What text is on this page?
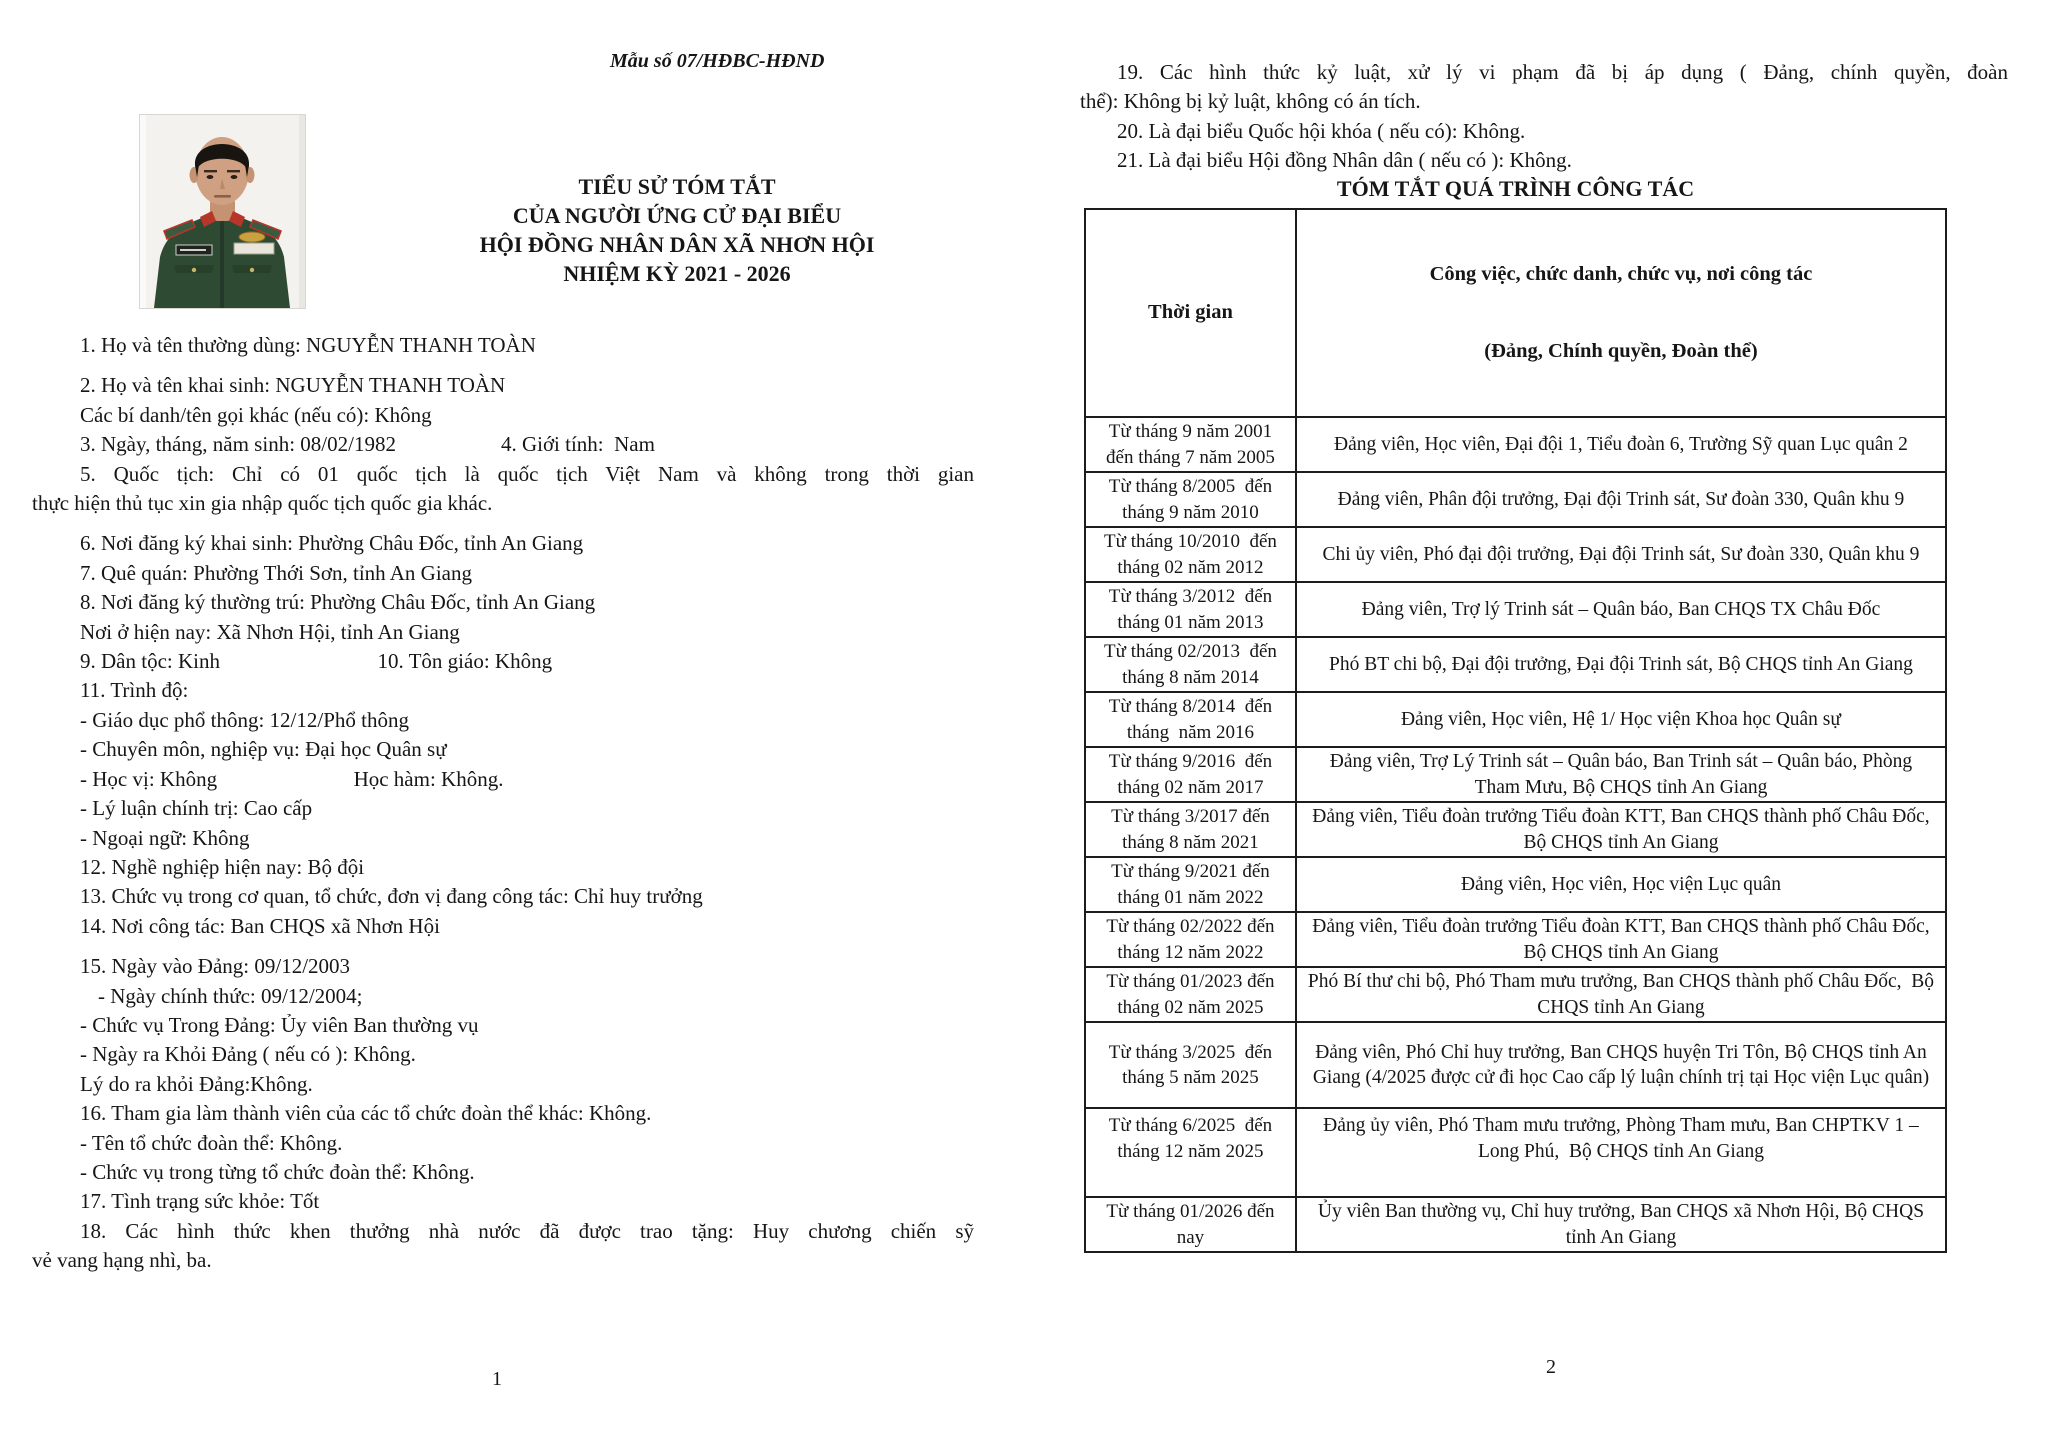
Mẫu số 07/HĐBC-HĐND
TIỂU SỬ TÓM TẮT
CỦA NGƯỜI ỨNG CỬ ĐẠI BIỂU
HỘI ĐỒNG NHÂN DÂN XÃ NHƠN HỘI
NHIỆM KỲ 2021 - 2026
1. Họ và tên thường dùng: NGUYỄN THANH TOÀN
2. Họ và tên khai sinh: NGUYỄN THANH TOÀN
Các bí danh/tên gọi khác (nếu có): Không
3. Ngày, tháng, năm sinh: 08/02/1982                    4. Giới tính:  Nam
5. Quốc tịch: Chỉ có 01 quốc tịch là quốc tịch Việt Nam và không trong thời gian
thực hiện thủ tục xin gia nhập quốc tịch quốc gia khác.
6. Nơi đăng ký khai sinh: Phường Châu Đốc, tỉnh An Giang
7. Quê quán: Phường Thới Sơn, tỉnh An Giang
8. Nơi đăng ký thường trú: Phường Châu Đốc, tỉnh An Giang
Nơi ở hiện nay: Xã Nhơn Hội, tỉnh An Giang
9. Dân tộc: Kinh                              10. Tôn giáo: Không
11. Trình độ:
- Giáo dục phổ thông: 12/12/Phổ thông
- Chuyên môn, nghiệp vụ: Đại học Quân sự
- Học vị: Không                          Học hàm: Không.
- Lý luận chính trị: Cao cấp
- Ngoại ngữ: Không
12. Nghề nghiệp hiện nay: Bộ đội
13. Chức vụ trong cơ quan, tổ chức, đơn vị đang công tác: Chỉ huy trưởng
14. Nơi công tác: Ban CHQS xã Nhơn Hội
15. Ngày vào Đảng: 09/12/2003
- Ngày chính thức: 09/12/2004;
- Chức vụ Trong Đảng: Ủy viên Ban thường vụ
- Ngày ra Khỏi Đảng ( nếu có ): Không.
Lý do ra khỏi Đảng:Không.
16. Tham gia làm thành viên của các tổ chức đoàn thể khác: Không.
- Tên tổ chức đoàn thể: Không.
- Chức vụ trong từng tổ chức đoàn thể: Không.
17. Tình trạng sức khỏe: Tốt
18. Các hình thức khen thưởng nhà nước đã được trao tặng: Huy chương chiến sỹ
vẻ vang hạng nhì, ba.
1
19. Các hình thức kỷ luật, xử lý vi phạm đã bị áp dụng ( Đảng, chính quyền, đoàn
thể): Không bị kỷ luật, không có án tích.
20. Là đại biểu Quốc hội khóa ( nếu có): Không.
21. Là đại biểu Hội đồng Nhân dân ( nếu có ): Không.
TÓM TẮT QUÁ TRÌNH CÔNG TÁC
Thời gian	Công việc, chức danh, chức vụ, nơi công tác

(Đảng, Chính quyền, Đoàn thể)

Từ tháng 9 năm 2001 đến tháng 7 năm 2005	Đảng viên, Học viên, Đại đội 1, Tiểu đoàn 6, Trường Sỹ quan Lục quân 2
Từ tháng 8/2005  đến tháng 9 năm 2010	Đảng viên, Phân đội trưởng, Đại đội Trinh sát, Sư đoàn 330, Quân khu 9
Từ tháng 10/2010  đến tháng 02 năm 2012	Chi ủy viên, Phó đại đội trưởng, Đại đội Trinh sát, Sư đoàn 330, Quân khu 9
Từ tháng 3/2012  đến tháng 01 năm 2013	Đảng viên, Trợ lý Trinh sát – Quân báo, Ban CHQS TX Châu Đốc
Từ tháng 02/2013  đến tháng 8 năm 2014	Phó BT chi bộ, Đại đội trưởng, Đại đội Trinh sát, Bộ CHQS tỉnh An Giang
Từ tháng 8/2014  đến tháng  năm 2016	Đảng viên, Học viên, Hệ 1/ Học viện Khoa học Quân sự
Từ tháng 9/2016  đến tháng 02 năm 2017	Đảng viên, Trợ Lý Trinh sát – Quân báo, Ban Trinh sát – Quân báo, Phòng Tham Mưu, Bộ CHQS tỉnh An Giang
Từ tháng 3/2017 đến tháng 8 năm 2021	Đảng viên, Tiểu đoàn trưởng Tiểu đoàn KTT, Ban CHQS thành phố Châu Đốc,  Bộ CHQS tỉnh An Giang
Từ tháng 9/2021 đến tháng 01 năm 2022	Đảng viên, Học viên, Học viện Lục quân
Từ tháng 02/2022 đến tháng 12 năm 2022	Đảng viên, Tiểu đoàn trưởng Tiểu đoàn KTT, Ban CHQS thành phố Châu Đốc,  Bộ CHQS tỉnh An Giang
Từ tháng 01/2023 đến tháng 02 năm 2025	Phó Bí thư chi bộ, Phó Tham mưu trưởng, Ban CHQS thành phố Châu Đốc,  Bộ CHQS tỉnh An Giang
Từ tháng 3/2025  đến tháng 5 năm 2025	Đảng viên, Phó Chỉ huy trưởng, Ban CHQS huyện Tri Tôn, Bộ CHQS tỉnh An Giang (4/2025 được cử đi học Cao cấp lý luận chính trị tại Học viện Lục quân)
Từ tháng 6/2025  đến tháng 12 năm 2025	Đảng ủy viên, Phó Tham mưu trưởng, Phòng Tham mưu, Ban CHPTKV 1 – Long Phú,  Bộ CHQS tỉnh An Giang
Từ tháng 01/2026 đến nay	Ủy viên Ban thường vụ, Chỉ huy trưởng, Ban CHQS xã Nhơn Hội, Bộ CHQS tỉnh An Giang
2
